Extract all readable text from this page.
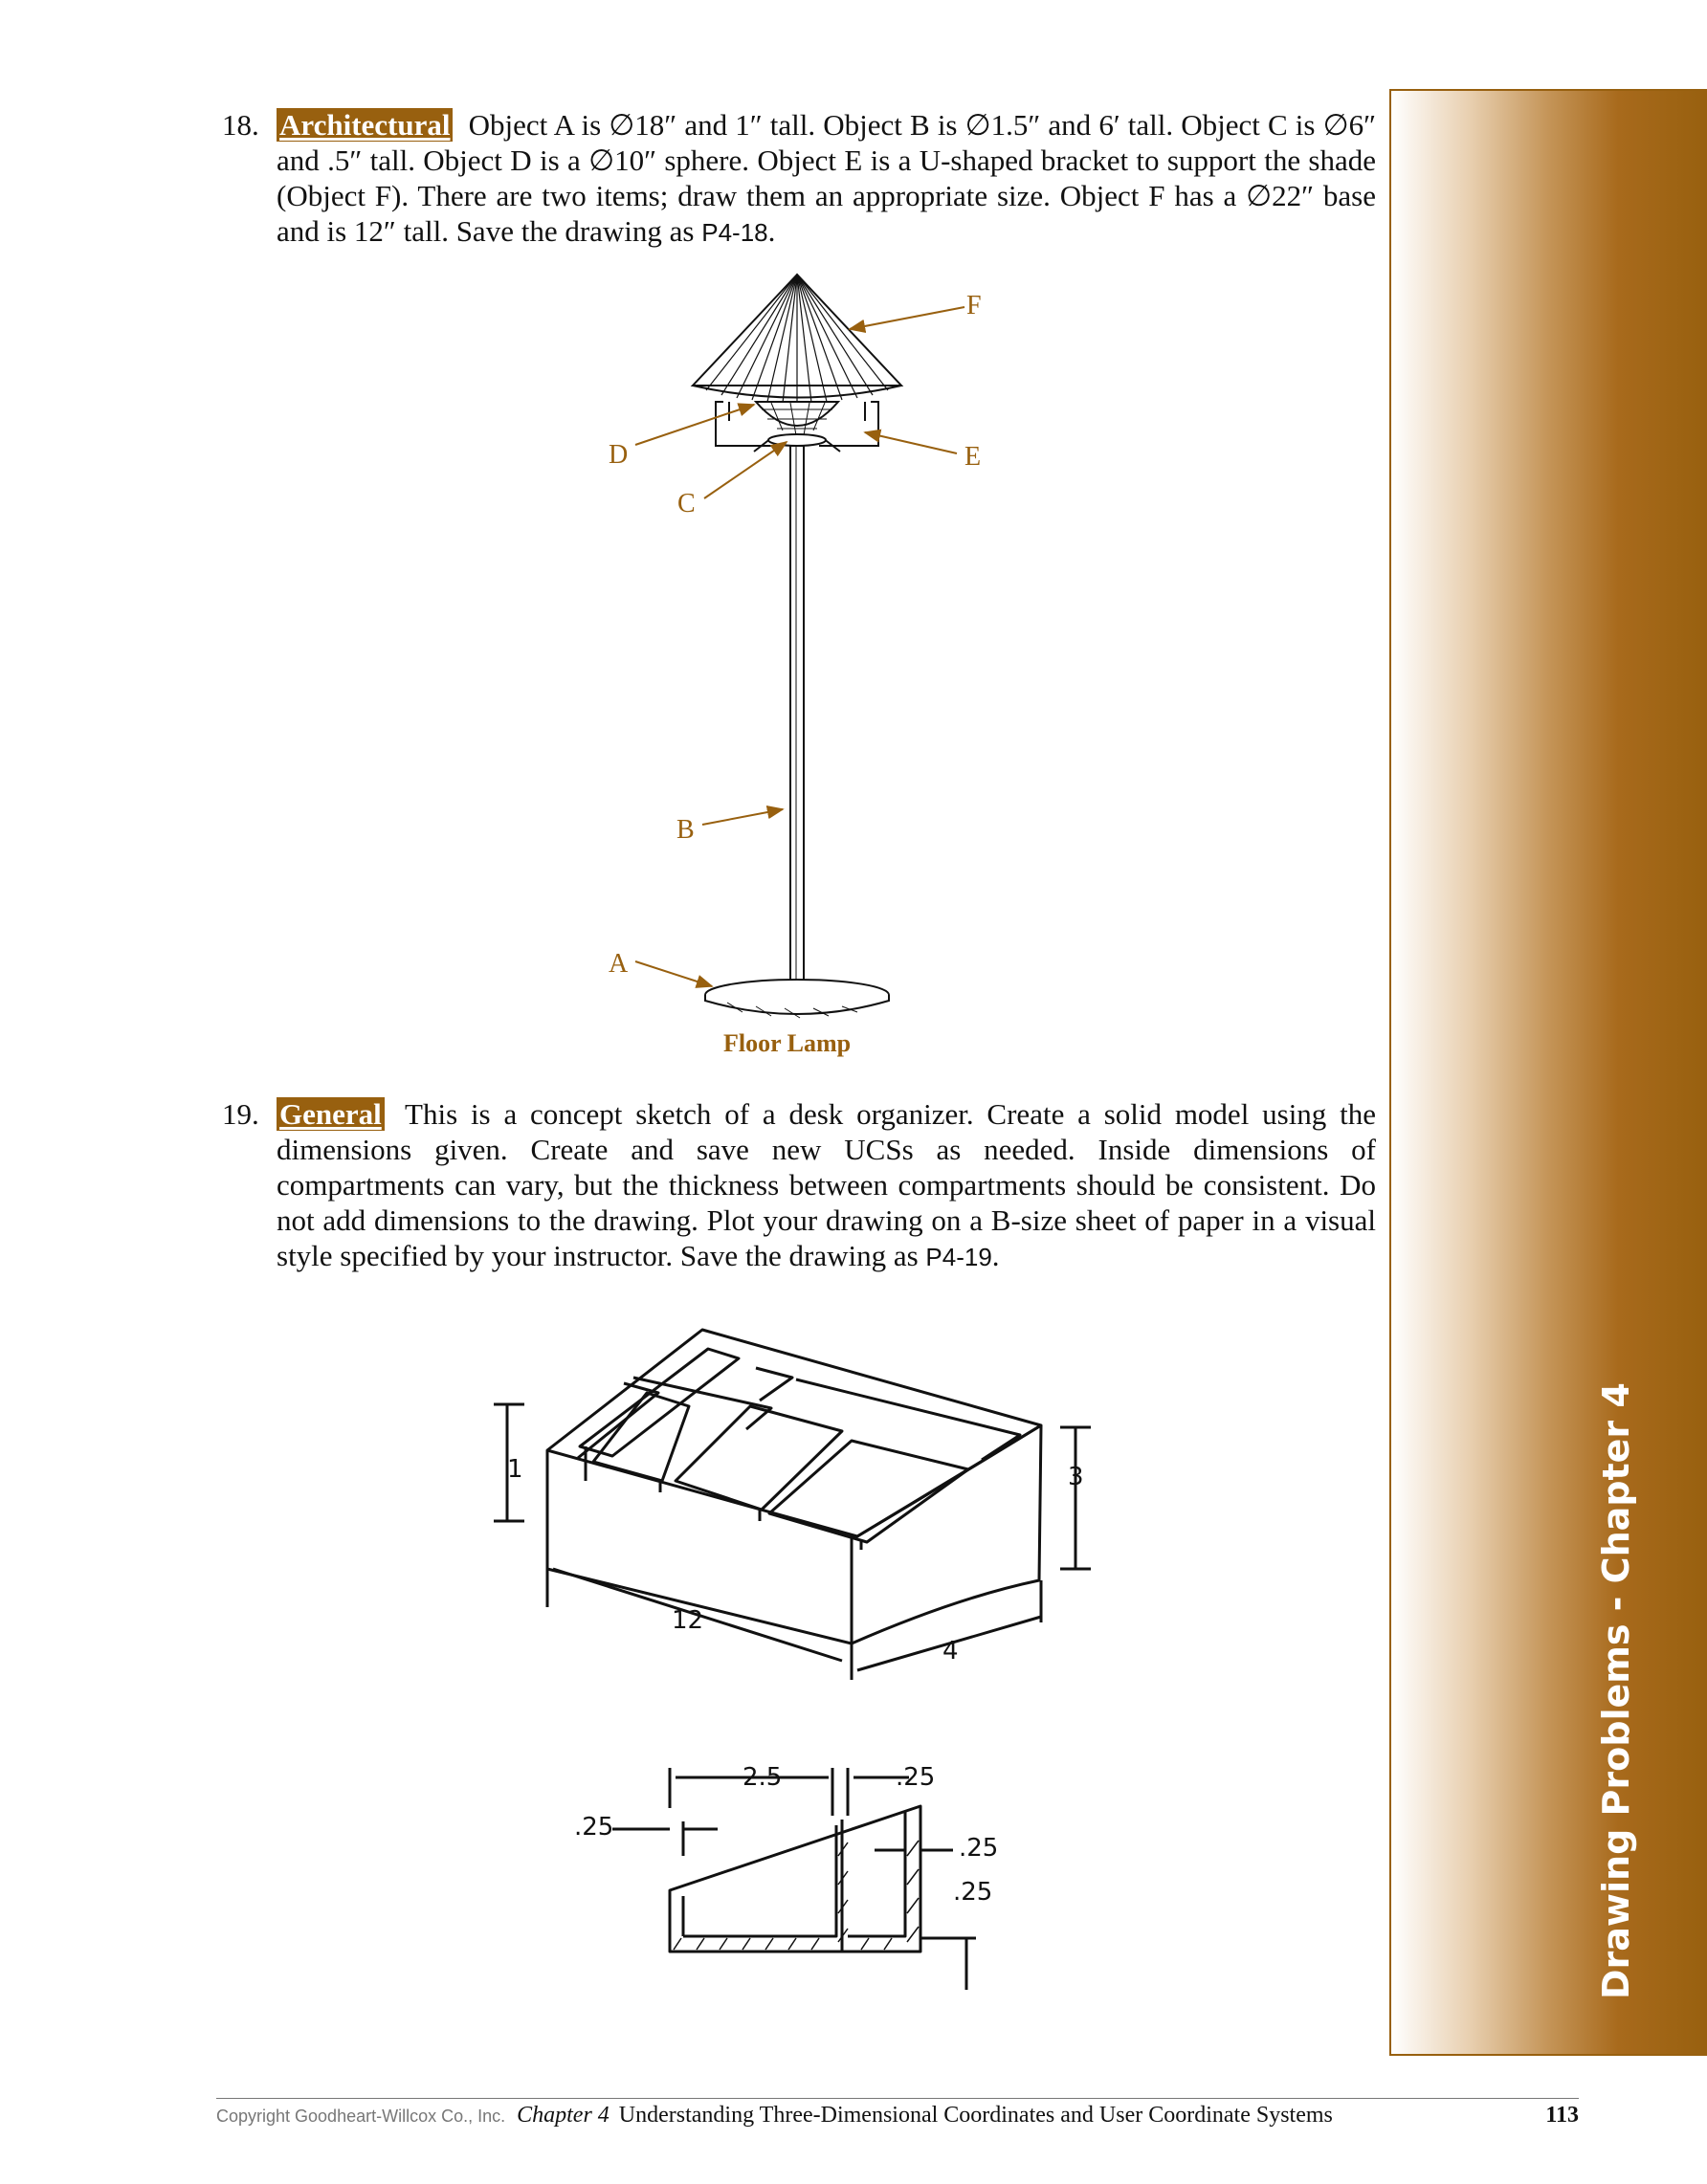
Drawing Problems - Chapter 4
18. Architectural Object A is ∅18″ and 1″ tall. Object B is ∅1.5″ and 6′ tall. Object C is ∅6″ and .5″ tall. Object D is a ∅10″ sphere. Object E is a U-shaped bracket to support the shade (Object F). There are two items; draw them an appropriate size. Object F has a ∅22″ base and is 12″ tall. Save the drawing as P4-18.
F
E
D
C
B
A
Floor Lamp
19. General This is a concept sketch of a desk organizer. Create a solid model using the dimensions given. Create and save new UCSs as needed. Inside dimensions of compartments can vary, but the thickness between compartments should be consistent. Do not add dimensions to the drawing. Plot your drawing on a B-size sheet of paper in a visual style specified by your instructor. Save the drawing as P4-19.
1	3
12
4
2.5	.25
.25
.25
.25
Copyright Goodheart-Willcox Co., Inc. Chapter 4 Understanding Three-Dimensional Coordinates and User Coordinate Systems	113
